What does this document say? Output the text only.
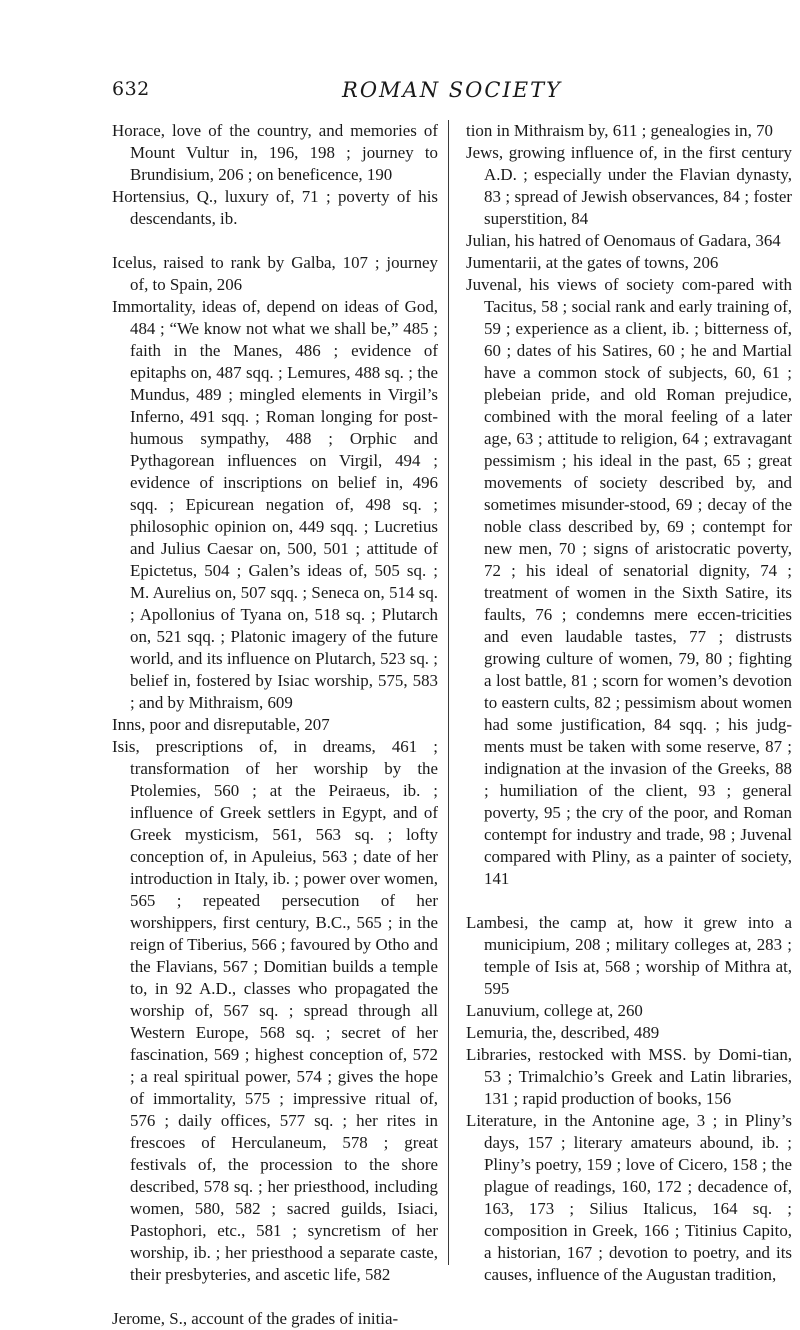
632	ROMAN SOCIETY

Horace, love of the country, and memories of Mount Vultur in, 196, 198 ; journey to Brundisium, 206 ; on beneficence, 190

Hortensius, Q., luxury of, 71 ; poverty of his descendants, ib.

Icelus, raised to rank by Galba, 107 ; journey of, to Spain, 206

Immortality, ideas of, depend on ideas of God, 484 ; “We know not what we shall be,” 485 ; faith in the Manes, 486 ; evidence of epitaphs on, 487 sqq. ; Lemures, 488 sq. ; the Mundus, 489 ; mingled elements in Virgil’s Inferno, 491 sqq. ; Roman longing for post-humous sympathy, 488 ; Orphic and Pythagorean influences on Virgil, 494 ; evidence of inscriptions on belief in, 496 sqq. ; Epicurean negation of, 498 sq. ; philosophic opinion on, 449 sqq. ; Lucretius and Julius Caesar on, 500, 501 ; attitude of Epictetus, 504 ; Galen’s ideas of, 505 sq. ; M. Aurelius on, 507 sqq. ; Seneca on, 514 sq. ; Apollonius of Tyana on, 518 sq. ; Plutarch on, 521 sqq. ; Platonic imagery of the future world, and its influence on Plutarch, 523 sq. ; belief in, fostered by Isiac worship, 575, 583 ; and by Mithraism, 609

Inns, poor and disreputable, 207

Isis, prescriptions of, in dreams, 461 ; transformation of her worship by the Ptolemies, 560 ; at the Peiraeus, ib. ; influence of Greek settlers in Egypt, and of Greek mysticism, 561, 563 sq. ; lofty conception of, in Apuleius, 563 ; date of her introduction in Italy, ib. ; power over women, 565 ; repeated persecution of her worshippers, first century, B.C., 565 ; in the reign of Tiberius, 566 ; favoured by Otho and the Flavians, 567 ; Domitian builds a temple to, in 92 A.D., classes who propagated the worship of, 567 sq. ; spread through all Western Europe, 568 sq. ; secret of her fascination, 569 ; highest conception of, 572 ; a real spiritual power, 574 ; gives the hope of immortality, 575 ; impressive ritual of, 576 ; daily offices, 577 sq. ; her rites in frescoes of Herculaneum, 578 ; great festivals of, the procession to the shore described, 578 sq. ; her priesthood, including women, 580, 582 ; sacred guilds, Isiaci, Pastophori, etc., 581 ; syncretism of her worship, ib. ; her priesthood a separate caste, their presbyteries, and ascetic life, 582

Jerome, S., account of the grades of initia-

tion in Mithraism by, 611 ; genealogies in, 70

Jews, growing influence of, in the first century A.D. ; especially under the Flavian dynasty, 83 ; spread of Jewish observances, 84 ; foster superstition, 84

Julian, his hatred of Oenomaus of Gadara, 364

Jumentarii, at the gates of towns, 206

Juvenal, his views of society com-pared with Tacitus, 58 ; social rank and early training of, 59 ; experience as a client, ib. ; bitterness of, 60 ; dates of his Satires, 60 ; he and Martial have a common stock of subjects, 60, 61 ; plebeian pride, and old Roman prejudice, combined with the moral feeling of a later age, 63 ; attitude to religion, 64 ; extravagant pessimism ; his ideal in the past, 65 ; great movements of society described by, and sometimes misunder-stood, 69 ; decay of the noble class described by, 69 ; contempt for new men, 70 ; signs of aristocratic poverty, 72 ; his ideal of senatorial dignity, 74 ; treatment of women in the Sixth Satire, its faults, 76 ; condemns mere eccen-tricities and even laudable tastes, 77 ; distrusts growing culture of women, 79, 80 ; fighting a lost battle, 81 ; scorn for women’s devotion to eastern cults, 82 ; pessimism about women had some justification, 84 sqq. ; his judg-ments must be taken with some reserve, 87 ; indignation at the invasion of the Greeks, 88 ; humiliation of the client, 93 ; general poverty, 95 ; the cry of the poor, and Roman contempt for industry and trade, 98 ; Juvenal compared with Pliny, as a painter of society, 141

Lambesi, the camp at, how it grew into a municipium, 208 ; military colleges at, 283 ; temple of Isis at, 568 ; worship of Mithra at, 595

Lanuvium, college at, 260

Lemuria, the, described, 489

Libraries, restocked with MSS. by Domi-tian, 53 ; Trimalchio’s Greek and Latin libraries, 131 ; rapid production of books, 156

Literature, in the Antonine age, 3 ; in Pliny’s days, 157 ; literary amateurs abound, ib. ; Pliny’s poetry, 159 ; love of Cicero, 158 ; the plague of readings, 160, 172 ; decadence of, 163, 173 ; Silius Italicus, 164 sq. ; composition in Greek, 166 ; Titinius Capito, a historian, 167 ; devotion to poetry, and its causes, influence of the Augustan tradition,
